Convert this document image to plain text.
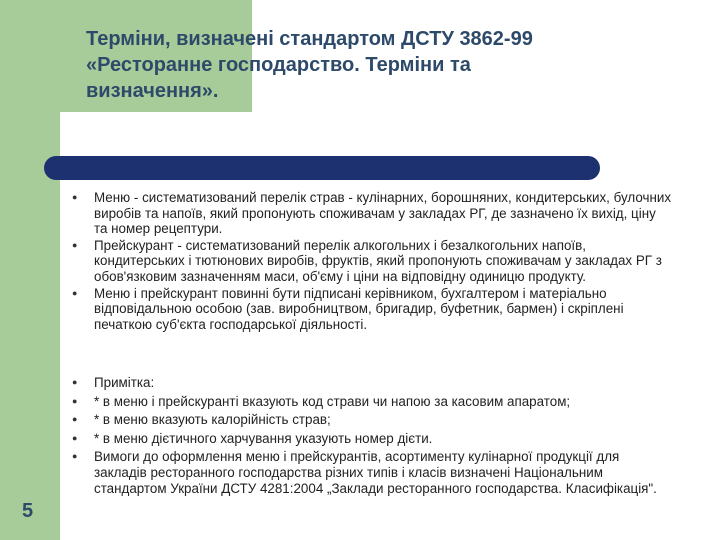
Терміни, визначені стандартом ДСТУ 3862-99
«Ресторанне господарство. Терміни та
визначення».
● Меню - систематизований перелік страв - кулінарних, борошняних, кондитерських, булочних виробів та напоїв, який пропонують споживачам у закладах РГ, де зазначено їх вихід, ціну та номер рецептури.
● Прейскурант - систематизований перелік алкогольних і безалкогольних напоїв, кондитерських і тютюнових виробів, фруктів, який пропонують споживачам у закладах РГ з обов'язковим зазначенням маси, об'єму і ціни на відповідну одиницю продукту.
● Меню і прейскурант повинні бути підписані керівником, бухгалтером і матеріально відповідальною особою (зав. виробництвом, бригадир, буфетник, бармен) і скріплені печаткою суб'єкта господарської діяльності.
● Примітка:
● * в меню і прейскуранті вказують код страви чи напою за касовим апаратом;
● * в меню вказують калорійність страв;
● * в меню дієтичного харчування указують номер дієти.
● Вимоги до оформлення меню і прейскурантів, асортименту кулінарної продукції для закладів ресторанного господарства різних типів і класів визначені Національним стандартом України ДСТУ 4281:2004 „Заклади ресторанного господарства. Класифікація".
5
